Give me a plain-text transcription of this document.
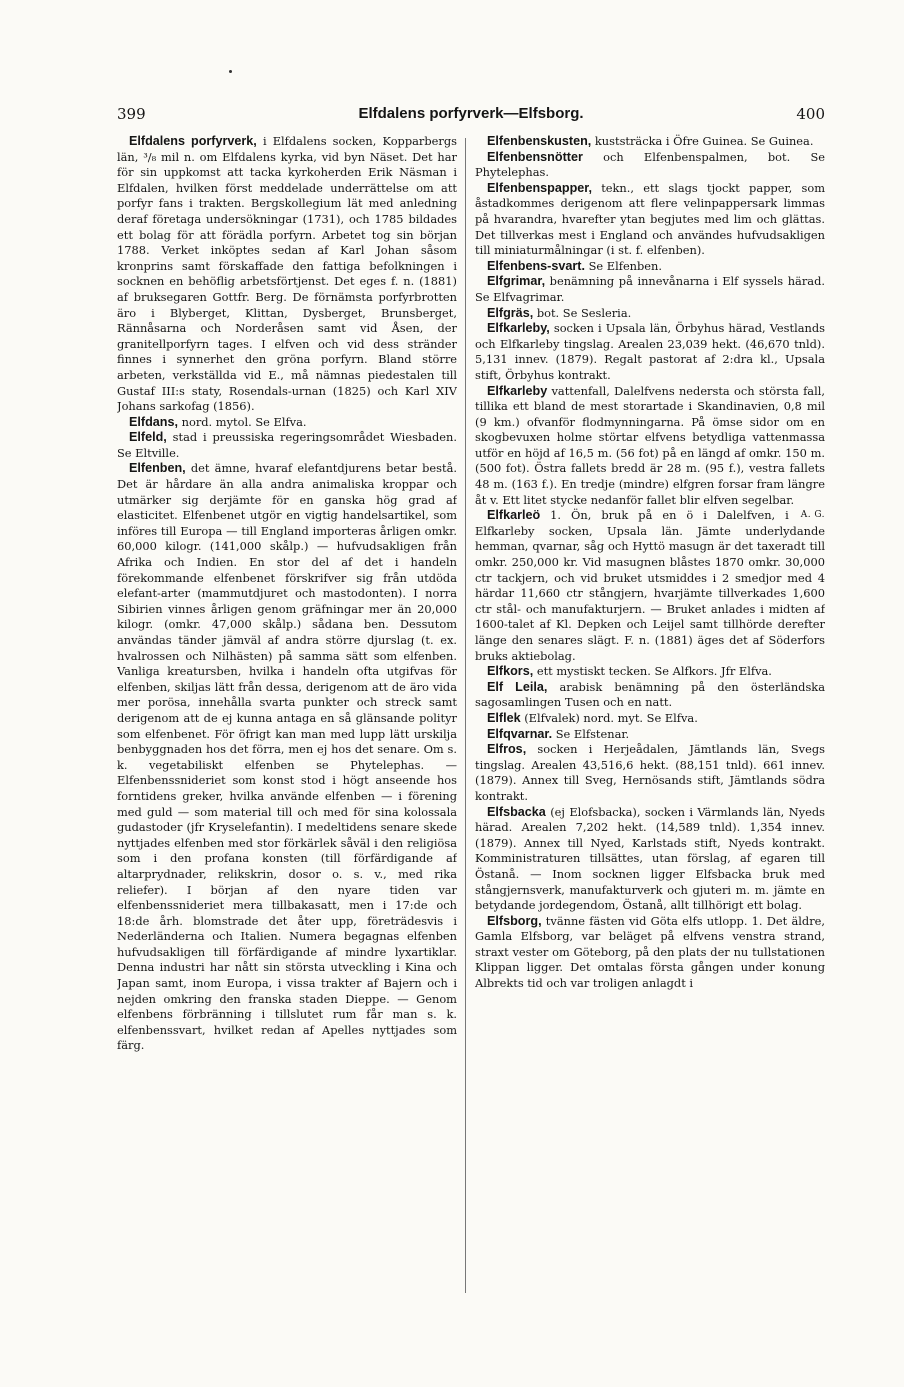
399	Elfdalens porfyrverk—Elfsborg.	400

Elfdalens porfyrverk, i Elfdalens socken, Kopparbergs län, ³/₈ mil n. om Elfdalens kyrka, vid byn Näset. Det har för sin uppkomst att tacka kyrkoherden Erik Näsman i Elfdalen, hvilken först meddelade underrättelse om att porfyr fans i trakten. Bergskollegium lät med anledning deraf företaga undersökningar (1731), och 1785 bildades ett bolag för att förädla porfyrn. Arbetet tog sin början 1788. Verket inköptes sedan af Karl Johan såsom kronprins samt förskaffade den fattiga befolkningen i socknen en behöflig arbetsförtjenst. Det eges f. n. (1881) af bruksegaren Gottfr. Berg. De förnämsta porfyrbrotten äro i Blyberget, Klittan, Dysberget, Brunsberget, Rännåsarna och Norderåsen samt vid Åsen, der granitellporfyrn tages. I elfven och vid dess stränder finnes i synnerhet den gröna porfyrn. Bland större arbeten, verkställda vid E., må nämnas piedestalen till Gustaf III:s staty, Rosendals-urnan (1825) och Karl XIV Johans sarkofag (1856).

Elfdans, nord. mytol. Se Elfva.

Elfeld, stad i preussiska regeringsområdet Wiesbaden. Se Eltville.

Elfenben, det ämne, hvaraf elefantdjurens betar bestå. Det är hårdare än alla andra animaliska kroppar och utmärker sig derjämte för en ganska hög grad af elasticitet. Elfenbenet utgör en vigtig handelsartikel, som införes till Europa — till England importeras årligen omkr. 60,000 kilogr. (141,000 skålp.) — hufvudsakligen från Afrika och Indien. En stor del af det i handeln förekommande elfenbenet förskrifver sig från utdöda elefant-arter (mammutdjuret och mastodonten). I norra Sibirien vinnes årligen genom gräfningar mer än 20,000 kilogr. (omkr. 47,000 skålp.) sådana ben. Dessutom användas tänder jämväl af andra större djurslag (t. ex. hvalrossen och Nilhästen) på samma sätt som elfenben. Vanliga kreatursben, hvilka i handeln ofta utgifvas för elfenben, skiljas lätt från dessa, derigenom att de äro vida mer porösa, innehålla svarta punkter och streck samt derigenom att de ej kunna antaga en så glänsande polityr som elfenbenet. För öfrigt kan man med lupp lätt urskilja benbyggnaden hos det förra, men ej hos det senare. Om s. k. vegetabiliskt elfenben se Phytelephas. — Elfenbenssnideriet som konst stod i högt anseende hos forntidens greker, hvilka använde elfenben — i förening med guld — som material till och med för sina kolossala gudastoder (jfr Kryselefantin). I medeltidens senare skede nyttjades elfenben med stor förkärlek såväl i den religiösa som i den profana konsten (till förfärdigande af altarprydnader, relikskrin, dosor o. s. v., med rika reliefer). I början af den nyare tiden var elfenbenssnideriet mera tillbakasatt, men i 17:de och 18:de årh. blomstrade det åter upp, företrädesvis i Nederländerna och Italien. Numera begagnas elfenben hufvudsakligen till förfärdigande af mindre lyxartiklar. Denna industri har nått sin största utveckling i Kina och Japan samt, inom Europa, i vissa trakter af Bajern och i nejden omkring den franska staden Dieppe. — Genom elfenbens förbränning i tillslutet rum får man s. k. elfenbenssvart, hvilket redan af Apelles nyttjades som färg.

Elfenbenskusten, kuststräcka i Öfre Guinea. Se Guinea.

Elfenbensnötter och Elfenbenspalmen, bot. Se Phytelephas.

Elfenbenspapper, tekn., ett slags tjockt papper, som åstadkommes derigenom att flere velinpappersark limmas på hvarandra, hvarefter ytan begjutes med lim och glättas. Det tillverkas mest i England och användes hufvudsakligen till miniaturmålningar (i st. f. elfenben).

Elfenbens-svart. Se Elfenben.

Elfgrimar, benämning på innevånarna i Elf syssels härad. Se Elfvagrimar.

Elfgräs, bot. Se Sesleria.

Elfkarleby, socken i Upsala län, Örbyhus härad, Vestlands och Elfkarleby tingslag. Arealen 23,039 hekt. (46,670 tnld). 5,131 innev. (1879). Regalt pastorat af 2:dra kl., Upsala stift, Örbyhus kontrakt.

Elfkarleby vattenfall, Dalelfvens nedersta och största fall, tillika ett bland de mest storartade i Skandinavien, 0,8 mil (9 km.) ofvanför flodmynningarna. På ömse sidor om en skogbevuxen holme störtar elfvens betydliga vattenmassa utför en höjd af 16,5 m. (56 fot) på en längd af omkr. 150 m. (500 fot). Östra fallets bredd är 28 m. (95 f.), vestra fallets 48 m. (163 f.). En tredje (mindre) elfgren forsar fram längre åt v. Ett litet stycke nedanför fallet blir elfven segelbar.
A. G.

Elfkarleö 1. Ön, bruk på en ö i Dalelfven, i Elfkarleby socken, Upsala län. Jämte underlydande hemman, qvarnar, såg och Hyttö masugn är det taxeradt till omkr. 250,000 kr. Vid masugnen blåstes 1870 omkr. 30,000 ctr tackjern, och vid bruket utsmiddes i 2 smedjor med 4 härdar 11,660 ctr stångjern, hvarjämte tillverkades 1,600 ctr stål- och manufakturjern. — Bruket anlades i midten af 1600-talet af Kl. Depken och Leijel samt tillhörde derefter länge den senares slägt. F. n. (1881) äges det af Söderfors bruks aktiebolag.

Elfkors, ett mystiskt tecken. Se Alfkors. Jfr Elfva.

Elf Leila, arabisk benämning på den österländska sagosamlingen Tusen och en natt.

Elflek (Elfvalek) nord. myt. Se Elfva.

Elfqvarnar. Se Elfstenar.

Elfros, socken i Herjeådalen, Jämtlands län, Svegs tingslag. Arealen 43,516,6 hekt. (88,151 tnld). 661 innev. (1879). Annex till Sveg, Hernösands stift, Jämtlands södra kontrakt.

Elfsbacka (ej Elofsbacka), socken i Värmlands län, Nyeds härad. Arealen 7,202 hekt. (14,589 tnld). 1,354 innev. (1879). Annex till Nyed, Karlstads stift, Nyeds kontrakt. Komministraturen tillsättes, utan förslag, af egaren till Östanå. — Inom socknen ligger Elfsbacka bruk med stångjernsverk, manufakturverk och gjuteri m. m. jämte en betydande jordegendom, Östanå, allt tillhörigt ett bolag.

Elfsborg, tvänne fästen vid Göta elfs utlopp. 1. Det äldre, Gamla Elfsborg, var beläget på elfvens venstra strand, straxt vester om Göteborg, på den plats der nu tullstationen Klippan ligger. Det omtalas första gången under konung Albrekts tid och var troligen anlagdt i
